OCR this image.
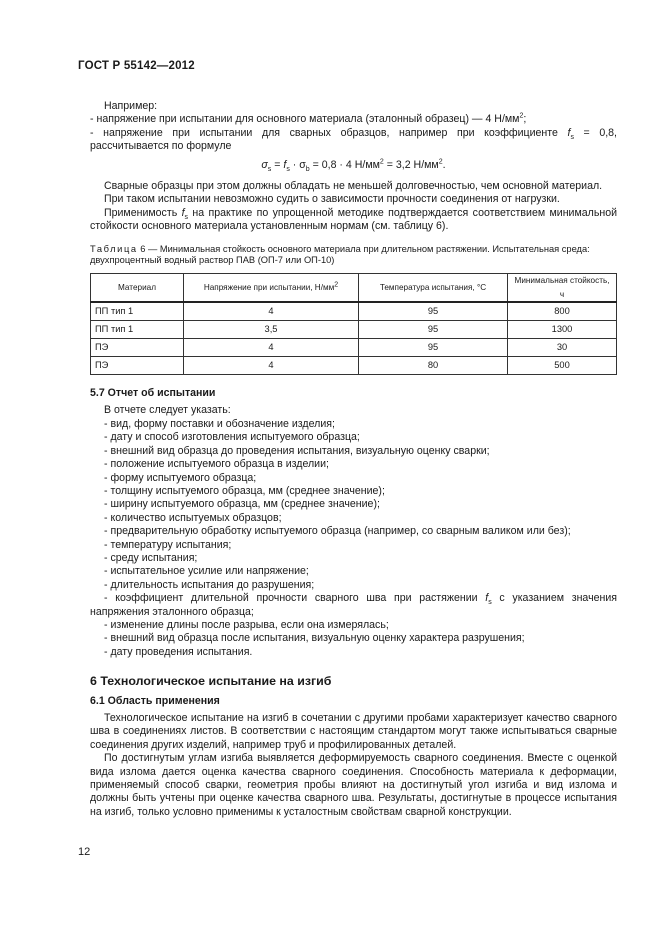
ГОСТ Р 55142—2012

Например:

- напряжение при испытании для основного материала (эталонный образец) — 4 $Н/мм^2$;

- напряжение при испытании для сварных образцов, например при коэффициенте $f_s = 0,8$, рассчитывается по формуле

$\sigma_s = f_s \cdot \sigma_b = 0,8 \cdot 4$ $Н/мм^2 = 3,2$ $Н/мм^2$.

Сварные образцы при этом должны обладать не меньшей долговечностью, чем основной материал.

При таком испытании невозможно судить о зависимости прочности соединения от нагрузки.

Применимость $f_s$ на практике по упрощенной методике подтверждается соответствием минимальной стойкости основного материала установленным нормам (см. таблицу 6).

Таблица 6 — Минимальная стойкость основного материала при длительном растяжении. Испытательная среда: двухпроцентный водный раствор ПАВ (ОП-7 или ОП-10)

Материал	Напряжение при испытании, $Н/мм^2$	Температура испытания, °С	Минимальная стойкость, ч
ПП тип 1	4	95	800
ПП тип 1	3,5	95	1300
ПЭ	4	95	30
ПЭ	4	80	500

5.7 Отчет об испытании

В отчете следует указать:

- вид, форму поставки и обозначение изделия;

- дату и способ изготовления испытуемого образца;

- внешний вид образца до проведения испытания, визуальную оценку сварки;

- положение испытуемого образца в изделии;

- форму испытуемого образца;

- толщину испытуемого образца, мм (среднее значение);

- ширину испытуемого образца, мм (среднее значение);

- количество испытуемых образцов;

- предварительную обработку испытуемого образца (например, со сварным валиком или без);

- температуру испытания;

- среду испытания;

- испытательное усилие или напряжение;

- длительность испытания до разрушения;

- коэффициент длительной прочности сварного шва при растяжении $f_s$ с указанием значения напряжения эталонного образца;

- изменение длины после разрыва, если она измерялась;

- внешний вид образца после испытания, визуальную оценку характера разрушения;

- дату проведения испытания.

6 Технологическое испытание на изгиб

6.1 Область применения

Технологическое испытание на изгиб в сочетании с другими пробами характеризует качество сварного шва в соединениях листов. В соответствии с настоящим стандартом могут также испытываться сварные соединения других изделий, например труб и профилированных деталей.

По достигнутым углам изгиба выявляется деформируемость сварного соединения. Вместе с оценкой вида излома дается оценка качества сварного соединения. Способность материала к деформации, применяемый способ сварки, геометрия пробы влияют на достигнутый угол изгиба и вид излома и должны быть учтены при оценке качества сварного шва. Результаты, достигнутые в процессе испытания на изгиб, только условно применимы к усталостным свойствам сварной конструкции.

12
